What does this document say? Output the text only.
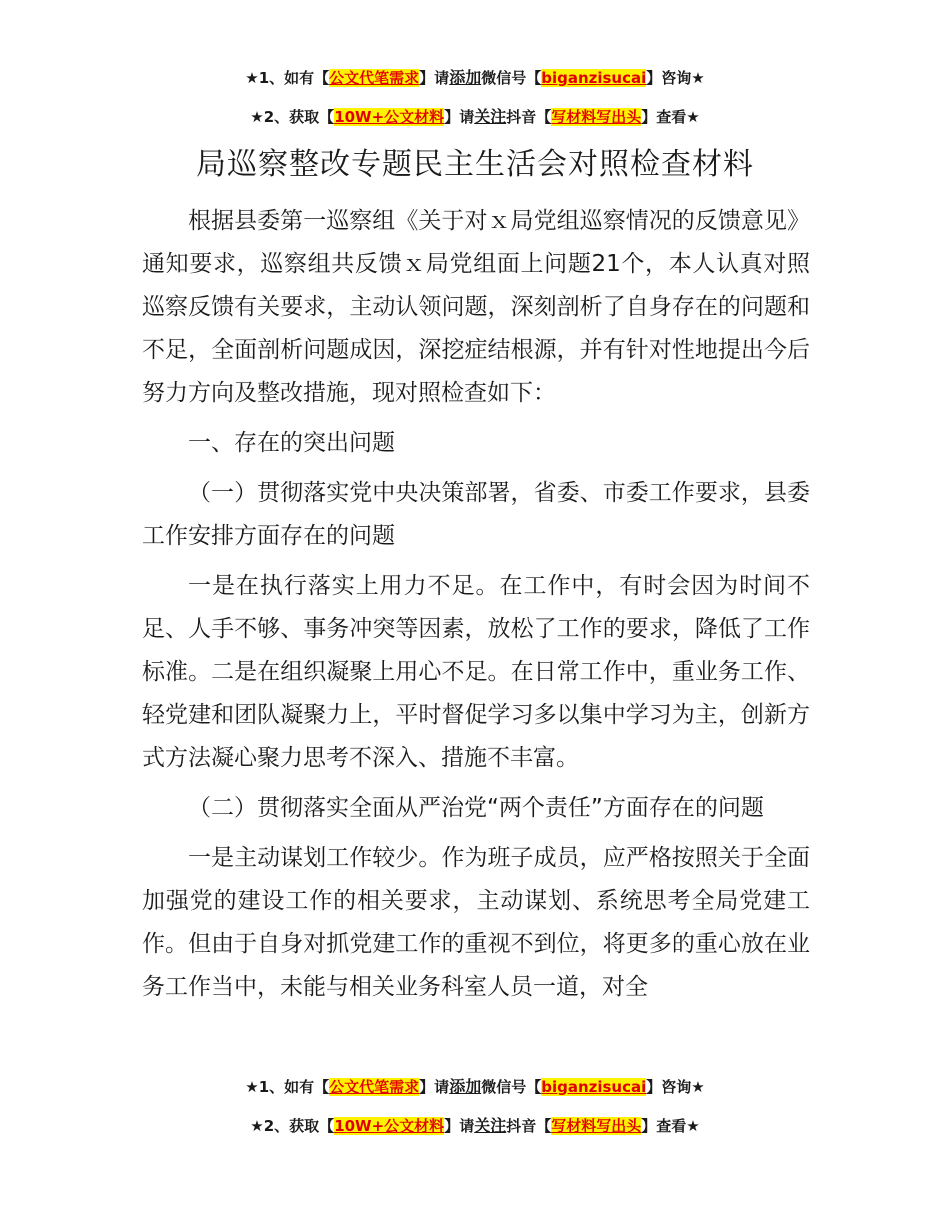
★1、如有【公文代笔需求】请添加微信号【biganzisucai】咨询★
★2、获取【10W+公文材料】请关注抖音【写材料写出头】查看★
局巡察整改专题民主生活会对照检查材料

根据县委第一巡察组《关于对ｘ局党组巡察情况的反馈意见》通知要求，巡察组共反馈ｘ局党组面上问题21个，本人认真对照巡察反馈有关要求，主动认领问题，深刻剖析了自身存在的问题和不足，全面剖析问题成因，深挖症结根源，并有针对性地提出今后努力方向及整改措施，现对照检查如下：

一、存在的突出问题

（一）贯彻落实党中央决策部署，省委、市委工作要求，县委工作安排方面存在的问题

一是在执行落实上用力不足。在工作中，有时会因为时间不足、人手不够、事务冲突等因素，放松了工作的要求，降低了工作标准。二是在组织凝聚上用心不足。在日常工作中，重业务工作、轻党建和团队凝聚力上，平时督促学习多以集中学习为主，创新方式方法凝心聚力思考不深入、措施不丰富。

（二）贯彻落实全面从严治党“两个责任”方面存在的问题

一是主动谋划工作较少。作为班子成员，应严格按照关于全面加强党的建设工作的相关要求，主动谋划、系统思考全局党建工作。但由于自身对抓党建工作的重视不到位，将更多的重心放在业务工作当中，未能与相关业务科室人员一道，对全

★1、如有【公文代笔需求】请添加微信号【biganzisucai】咨询★
★2、获取【10W+公文材料】请关注抖音【写材料写出头】查看★
